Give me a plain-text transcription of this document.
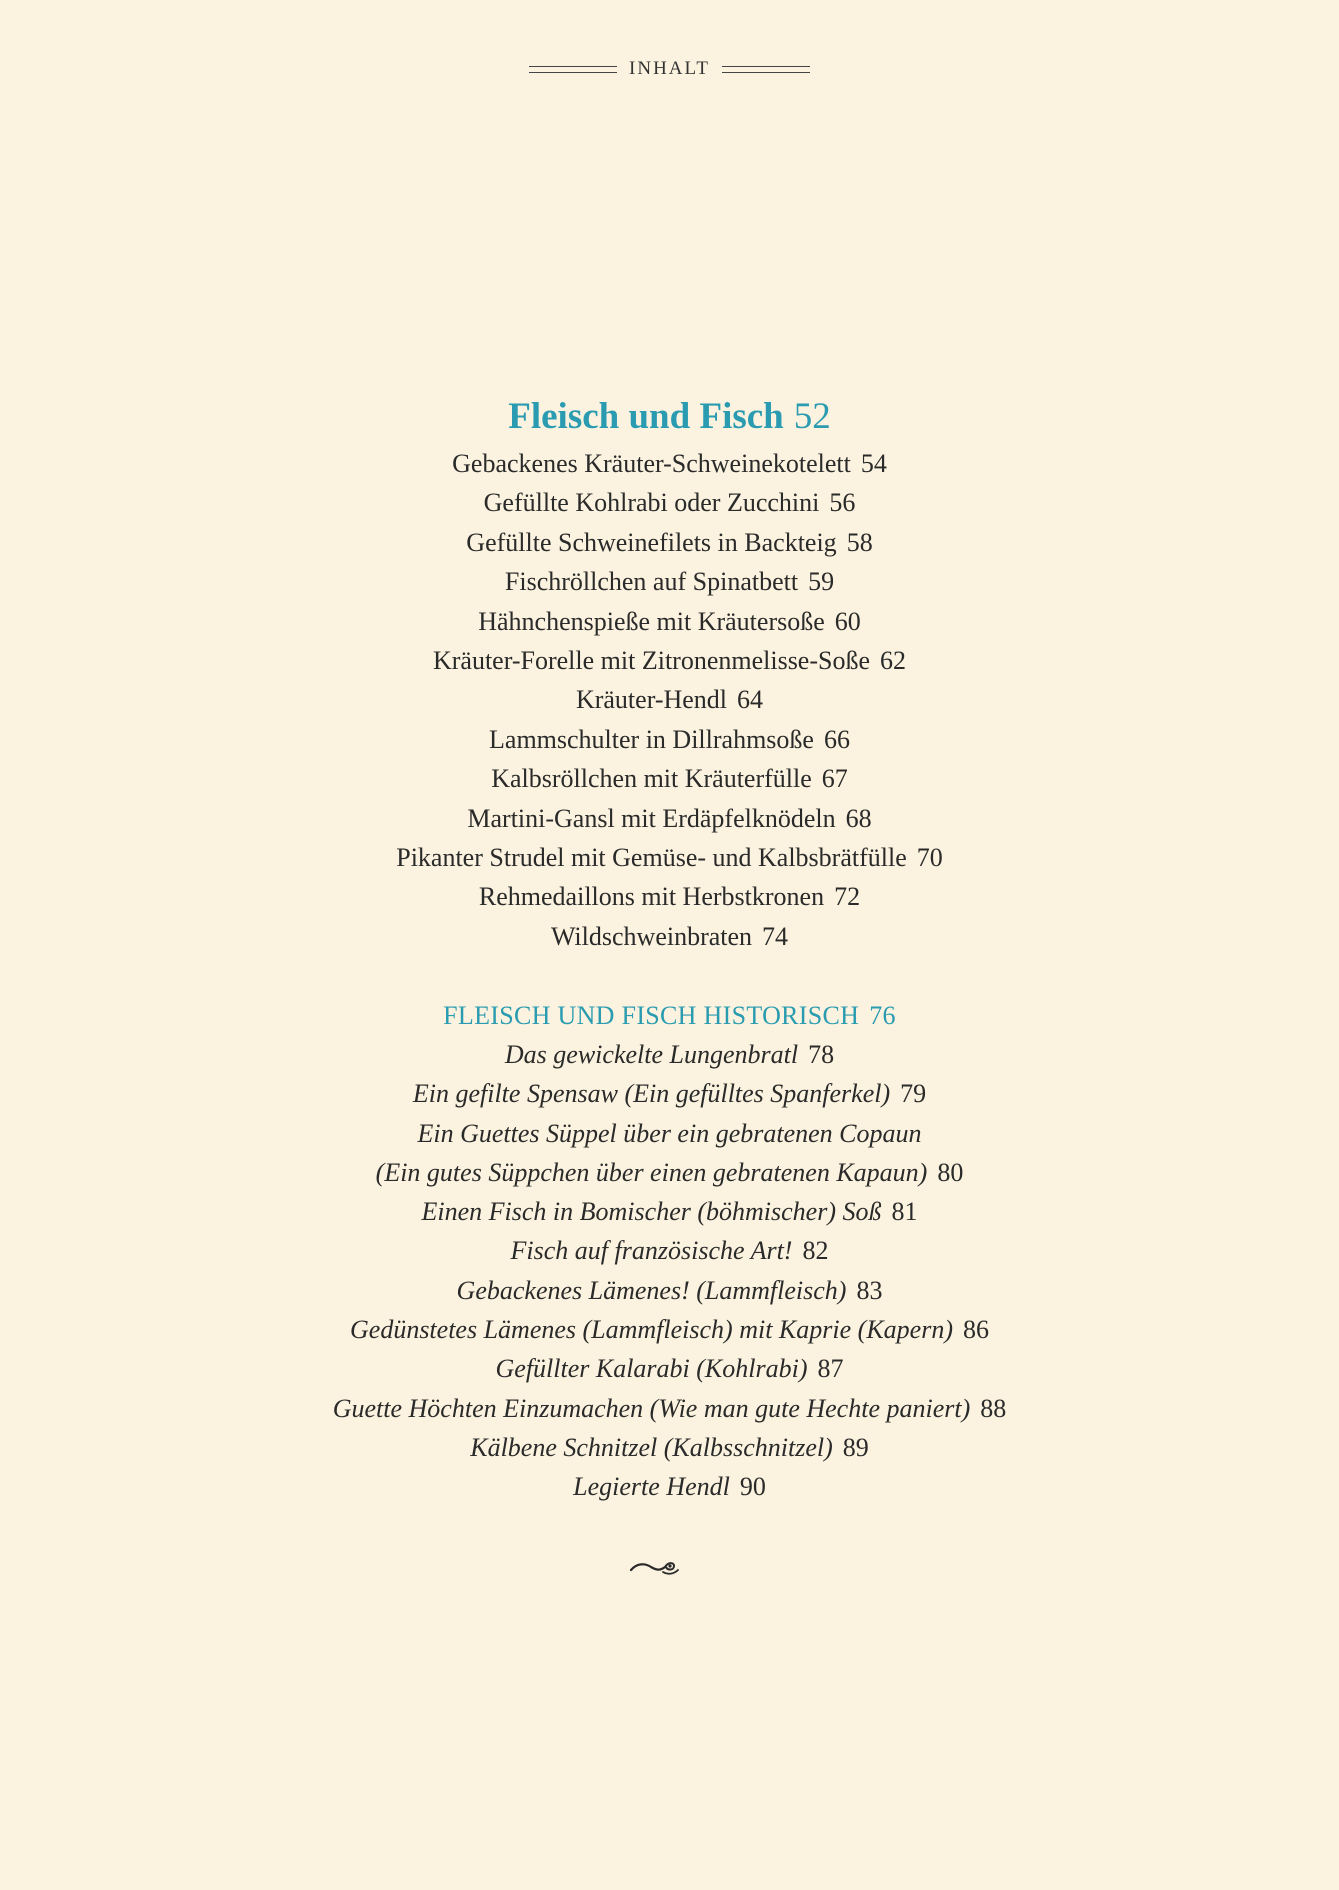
INHALT
Fleisch und Fisch 52
Gebackenes Kräuter-Schweinekotelett 54
Gefüllte Kohlrabi oder Zucchini 56
Gefüllte Schweinefilets in Backteig 58
Fischröllchen auf Spinatbett 59
Hähnchenspieße mit Kräutersoße 60
Kräuter-Forelle mit Zitronenmelisse-Soße 62
Kräuter-Hendl 64
Lammschulter in Dillrahmsoße 66
Kalbsröllchen mit Kräuterfülle 67
Martini-Gansl mit Erdäpfelknödeln 68
Pikanter Strudel mit Gemüse- und Kalbsbrätfülle 70
Rehmedaillons mit Herbstkronen 72
Wildschweinbraten 74
FLEISCH UND FISCH HISTORISCH 76
Das gewickelte Lungenbratl 78
Ein gefilte Spensaw (Ein gefülltes Spanferkel) 79
Ein Guettes Süppel über ein gebratenen Copaun
(Ein gutes Süppchen über einen gebratenen Kapaun) 80
Einen Fisch in Bomischer (böhmischer) Soß 81
Fisch auf französische Art! 82
Gebackenes Lämenes! (Lammfleisch) 83
Gedünstetes Lämenes (Lammfleisch) mit Kaprie (Kapern) 86
Gefüllter Kalarabi (Kohlrabi) 87
Guette Höchten Einzumachen (Wie man gute Hechte paniert) 88
Kälbene Schnitzel (Kalbsschnitzel) 89
Legierte Hendl 90
